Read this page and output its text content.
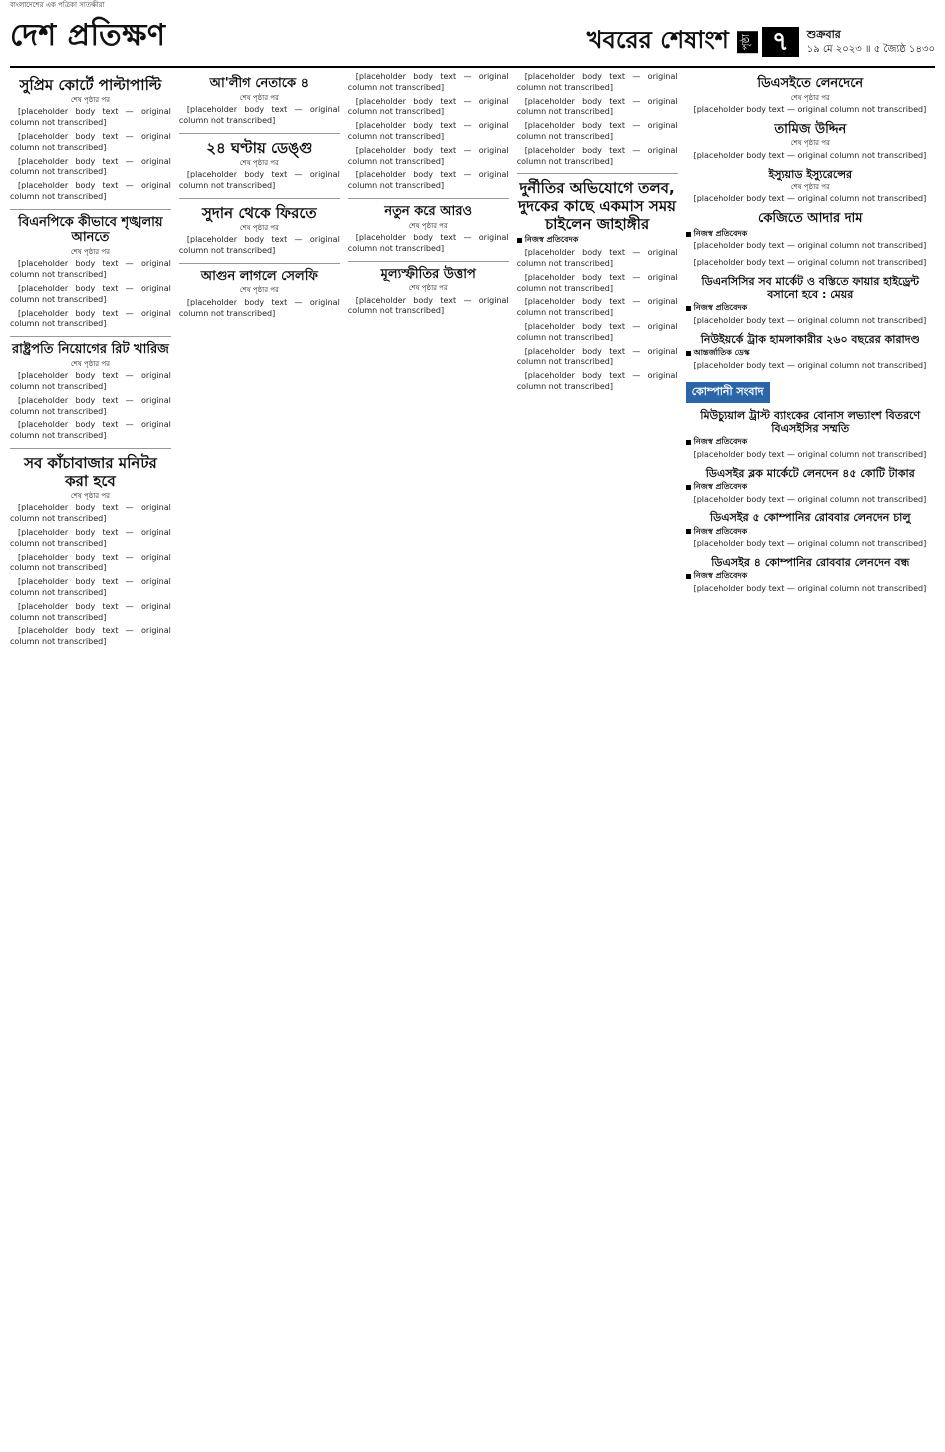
বাংলাদেশের এক পত্রিকা সাতক্ষীরা
দেশ প্রতিক্ষণ	খবরের শেষাংশ	পৃষ্ঠা ৭	শুক্রবার
১৯ মে ২০২৩ ॥ ৫ জ্যৈষ্ঠ ১৪৩০
সুপ্রিম কোর্টে পাল্টাপাল্টি
শেষ পৃষ্ঠার পর

[placeholder body text — original column not transcribed]

[placeholder body text — original column not transcribed]

[placeholder body text — original column not transcribed]

[placeholder body text — original column not transcribed]

বিএনপিকে কীভাবে শৃঙ্খলায় আনতে
শেষ পৃষ্ঠার পর

[placeholder body text — original column not transcribed]

[placeholder body text — original column not transcribed]

[placeholder body text — original column not transcribed]

রাষ্ট্রপতি নিয়োগের রিট খারিজ
শেষ পৃষ্ঠার পর

[placeholder body text — original column not transcribed]

[placeholder body text — original column not transcribed]

[placeholder body text — original column not transcribed]

সব কাঁচাবাজার মনিটর করা হবে
শেষ পৃষ্ঠার পর

[placeholder body text — original column not transcribed]

[placeholder body text — original column not transcribed]

[placeholder body text — original column not transcribed]

[placeholder body text — original column not transcribed]

[placeholder body text — original column not transcribed]

[placeholder body text — original column not transcribed]

আ'লীগ নেতাকে ৪
শেষ পৃষ্ঠার পর

[placeholder body text — original column not transcribed]

২৪ ঘণ্টায় ডেঙ্গু
শেষ পৃষ্ঠার পর

[placeholder body text — original column not transcribed]

সুদান থেকে ফিরতে
শেষ পৃষ্ঠার পর

[placeholder body text — original column not transcribed]

আগুন লাগলে সেলফি
শেষ পৃষ্ঠার পর

[placeholder body text — original column not transcribed]

[placeholder body text — original column not transcribed]

[placeholder body text — original column not transcribed]

[placeholder body text — original column not transcribed]

[placeholder body text — original column not transcribed]

[placeholder body text — original column not transcribed]

নতুন করে আরও
শেষ পৃষ্ঠার পর

[placeholder body text — original column not transcribed]

মূল্যস্ফীতির উত্তাপ
শেষ পৃষ্ঠার পর

[placeholder body text — original column not transcribed]

[placeholder body text — original column not transcribed]

[placeholder body text — original column not transcribed]

[placeholder body text — original column not transcribed]

[placeholder body text — original column not transcribed]

দুর্নীতির অভিযোগে তলব, দুদকের কাছে একমাস সময় চাইলেন জাহাঙ্গীর
নিজস্ব প্রতিবেদক

[placeholder body text — original column not transcribed]

[placeholder body text — original column not transcribed]

[placeholder body text — original column not transcribed]

[placeholder body text — original column not transcribed]

[placeholder body text — original column not transcribed]

[placeholder body text — original column not transcribed]

ডিএসইতে লেনদেনে
শেষ পৃষ্ঠার পর

[placeholder body text — original column not transcribed]

তামিজ উদ্দিন
শেষ পৃষ্ঠার পর

[placeholder body text — original column not transcribed]

ইস্যুয়াড ইস্যুরেন্সের
শেষ পৃষ্ঠার পর

[placeholder body text — original column not transcribed]

কেজিতে আদার দাম
নিজস্ব প্রতিবেদক

[placeholder body text — original column not transcribed]

[placeholder body text — original column not transcribed]

ডিএনসিসির সব মার্কেট ও বস্তিতে ফায়ার হাইড্রেন্ট বসানো হবে : মেয়র
নিজস্ব প্রতিবেদক

[placeholder body text — original column not transcribed]

নিউইয়র্কে ট্রাক হামলাকারীর ২৬০ বছরের কারাদণ্ড
আন্তর্জাতিক ডেস্ক

[placeholder body text — original column not transcribed]

কোম্পানী সংবাদ
মিউচ্যুয়াল ট্রাস্ট ব্যাংকের বোনাস লভ্যাংশ বিতরণে বিএসইসির সম্মতি
নিজস্ব প্রতিবেদক

[placeholder body text — original column not transcribed]

ডিএসইর ব্লক মার্কেটে লেনদেন ৪৫ কোটি টাকার
নিজস্ব প্রতিবেদক

[placeholder body text — original column not transcribed]

ডিএসইর ৫ কোম্পানির রোববার লেনদেন চালু
নিজস্ব প্রতিবেদক

[placeholder body text — original column not transcribed]

ডিএসইর ৪ কোম্পানির রোববার লেনদেন বন্ধ
নিজস্ব প্রতিবেদক

[placeholder body text — original column not transcribed]
